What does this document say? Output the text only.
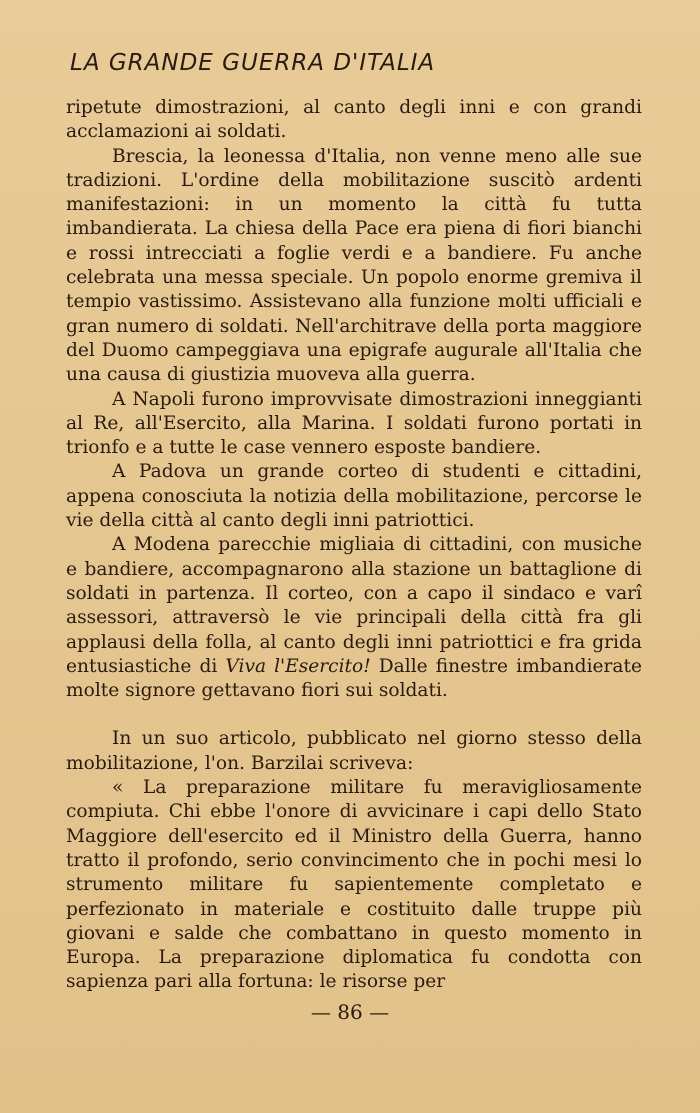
LA GRANDE GUERRA D'ITALIA

ripetute dimostrazioni, al canto degli inni e con grandi acclamazioni ai soldati.

Brescia, la leonessa d'Italia, non venne meno alle sue tradizioni. L'ordine della mobilitazione suscitò ardenti manifestazioni: in un momento la città fu tutta imbandierata. La chiesa della Pace era piena di fiori bianchi e rossi intrecciati a foglie verdi e a bandiere. Fu anche celebrata una messa speciale. Un popolo enorme gremiva il tempio vastissimo. Assistevano alla funzione molti ufficiali e gran numero di soldati. Nell'architrave della porta maggiore del Duomo campeggiava una epigrafe augurale all'Italia che una causa di giustizia muoveva alla guerra.

A Napoli furono improvvisate dimostrazioni inneggianti al Re, all'Esercito, alla Marina. I soldati furono portati in trionfo e a tutte le case vennero esposte bandiere.

A Padova un grande corteo di studenti e cittadini, appena conosciuta la notizia della mobilitazione, percorse le vie della città al canto degli inni patriottici.

A Modena parecchie migliaia di cittadini, con musiche e bandiere, accompagnarono alla stazione un battaglione di soldati in partenza. Il corteo, con a capo il sindaco e varî assessori, attraversò le vie principali della città fra gli applausi della folla, al canto degli inni patriottici e fra grida entusiastiche di Viva l'Esercito! Dalle finestre imbandierate molte signore gettavano fiori sui soldati.

In un suo articolo, pubblicato nel giorno stesso della mobilitazione, l'on. Barzilai scriveva:

« La preparazione militare fu meravigliosamente compiuta. Chi ebbe l'onore di avvicinare i capi dello Stato Maggiore dell'esercito ed il Ministro della Guerra, hanno tratto il profondo, serio convincimento che in pochi mesi lo strumento militare fu sapientemente completato e perfezionato in materiale e costituito dalle truppe più giovani e salde che combattano in questo momento in Europa. La preparazione diplomatica fu condotta con sapienza pari alla fortuna: le risorse per

— 86 —
